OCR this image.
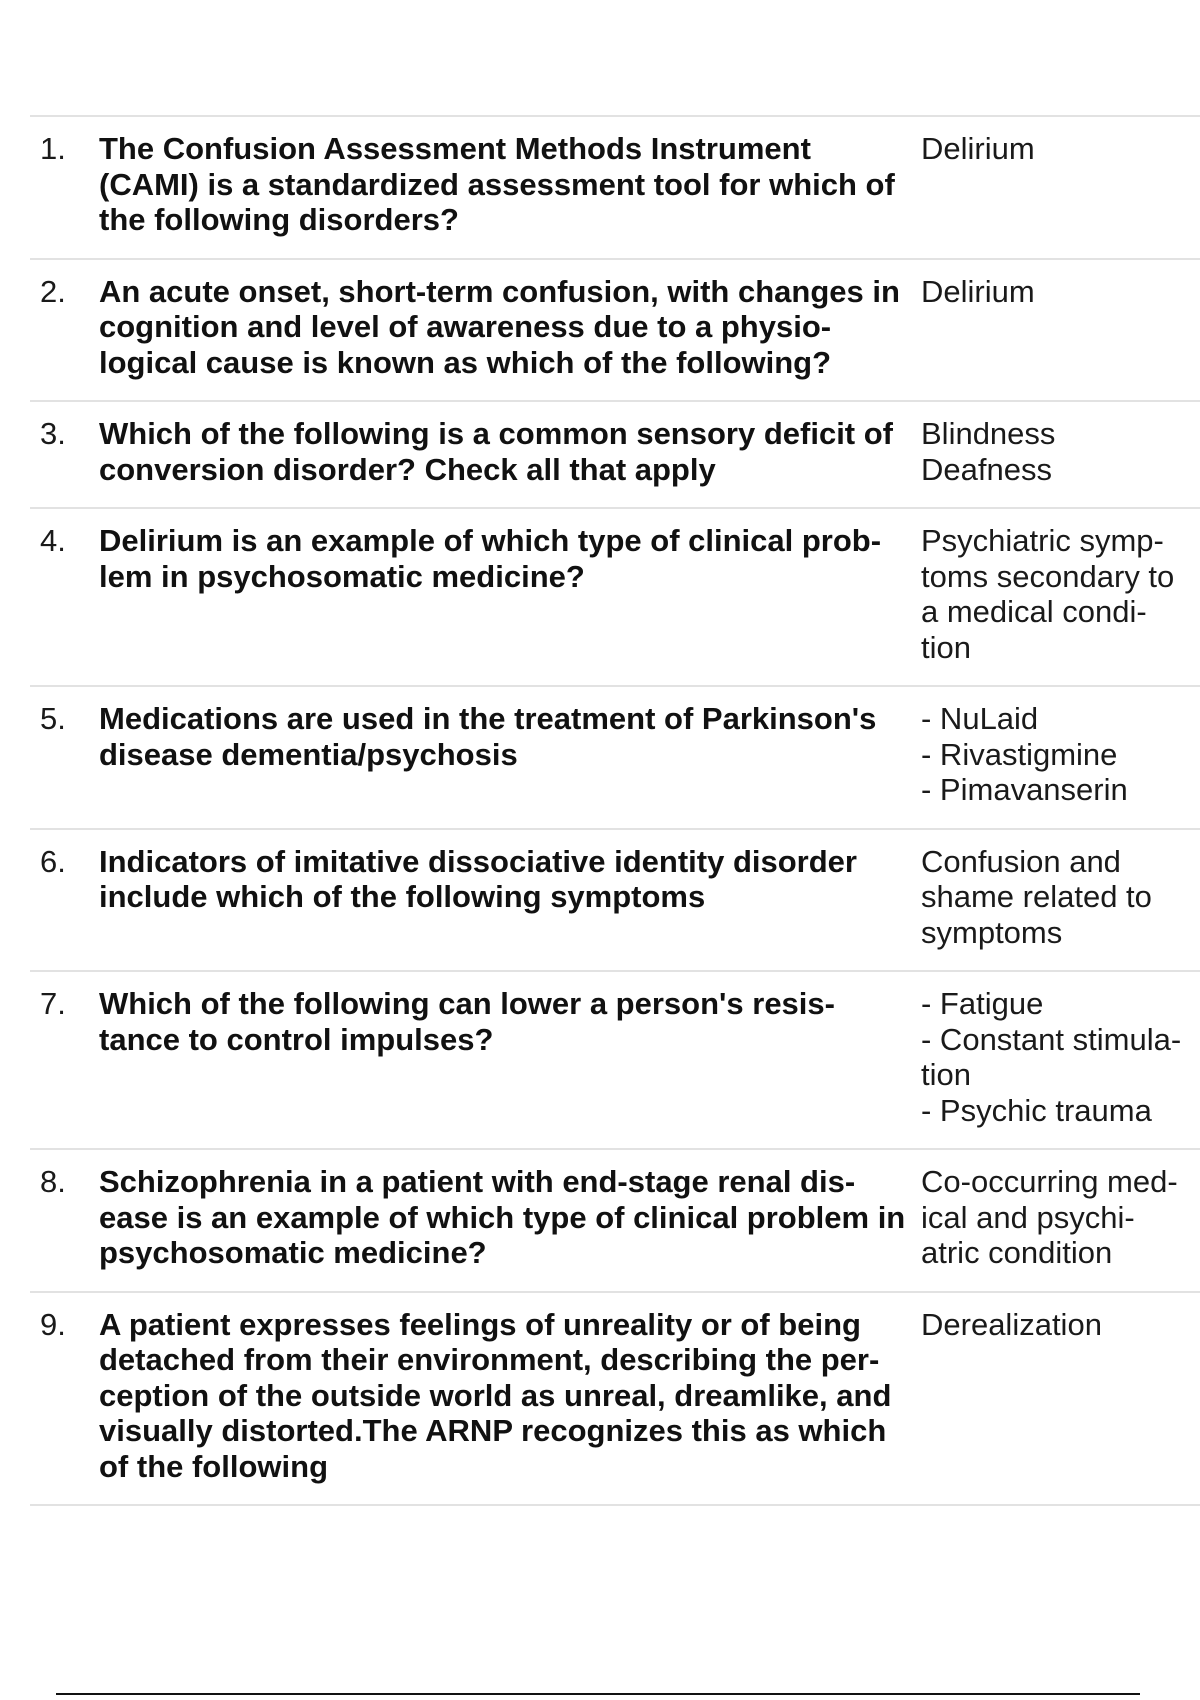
1.	The Confusion Assessment Methods Instrument (CAMI) is a standardized assessment tool for which of the following disorders?
Delirium
2.	An acute onset, short-term confusion, with changes in cognition and level of awareness due to a physio-logical cause is known as which of the following?
Delirium
3.	Which of the following is a common sensory deficit of conversion disorder? Check all that apply
Blindness
Deafness
4.	Delirium is an example of which type of clinical prob-lem in psychosomatic medicine?
Psychiatric symp-toms secondary to a medical condi-tion
5.	Medications are used in the treatment of Parkinson's disease dementia/psychosis
- NuLaid
- Rivastigmine
- Pimavanserin
6.	Indicators of imitative dissociative identity disorder include which of the following symptoms
Confusion and shame related to symptoms
7.	Which of the following can lower a person's resis-tance to control impulses?
- Fatigue
- Constant stimula-tion
- Psychic trauma
8.	Schizophrenia in a patient with end-stage renal dis-ease is an example of which type of clinical problem in psychosomatic medicine?
Co-occurring med-ical and psychi-atric condition
9.	A patient expresses feelings of unreality or of being detached from their environment, describing the per-ception of the outside world as unreal, dreamlike, and visually distorted.The ARNP recognizes this as which of the following
Derealization
